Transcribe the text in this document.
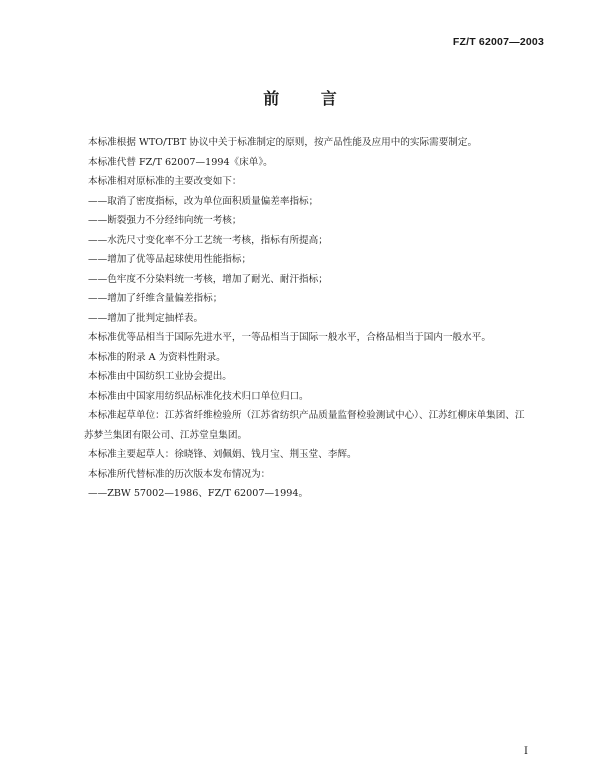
FZ/T 62007—2003
前 言

本标准根据 WTO/TBT 协议中关于标准制定的原则，按产品性能及应用中的实际需要制定。

本标准代替 FZ/T 62007—1994《床单》。

本标准相对原标准的主要改变如下：

——取消了密度指标，改为单位面积质量偏差率指标；

——断裂强力不分经纬向统一考核；

——水洗尺寸变化率不分工艺统一考核，指标有所提高；

——增加了优等品起球使用性能指标；

——色牢度不分染料统一考核，增加了耐光、耐汗指标；

——增加了纤维含量偏差指标；

——增加了批判定抽样表。

本标准优等品相当于国际先进水平，一等品相当于国际一般水平，合格品相当于国内一般水平。

本标准的附录 A 为资料性附录。

本标准由中国纺织工业协会提出。

本标准由中国家用纺织品标准化技术归口单位归口。

本标准起草单位：江苏省纤维检验所（江苏省纺织产品质量监督检验测试中心）、江苏红柳床单集团、江苏梦兰集团有限公司、江苏堂皇集团。

本标准主要起草人：徐晓锋、刘佩娟、钱月宝、荆玉堂、李辉。

本标准所代替标准的历次版本发布情况为：

——ZBW 57002—1986、FZ/T 62007—1994。

I
